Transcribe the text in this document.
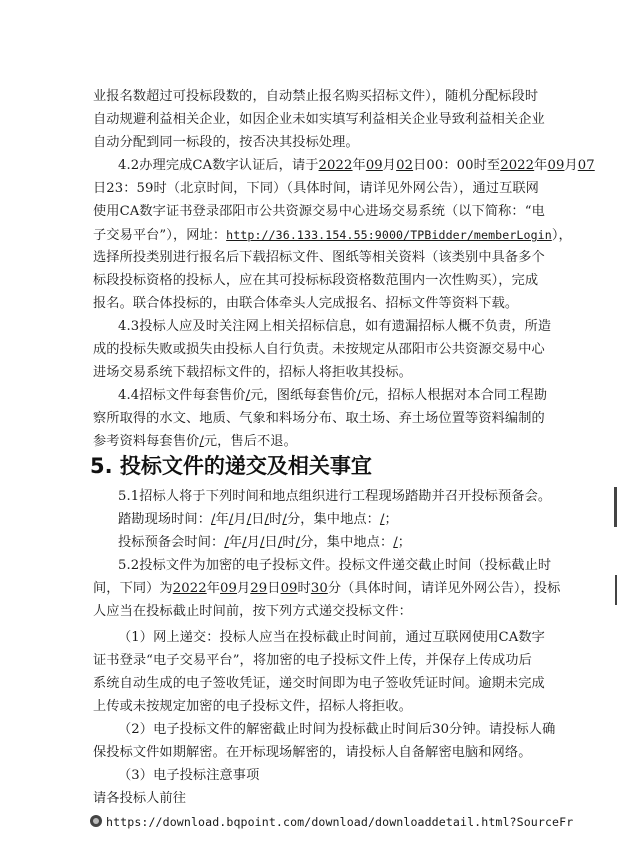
业报名数超过可投标段数的，自动禁止报名购买招标文件），随机分配标段时
自动规避利益相关企业，如因企业未如实填写利益相关企业导致利益相关企业
自动分配到同一标段的，按否决其投标处理。
4.2办理完成CA数字认证后，请于2022年09月02日00：00时至2022年09月07
日23：59时（北京时间，下同）（具体时间，请详见外网公告），通过互联网
使用CA数字证书登录邵阳市公共资源交易中心进场交易系统（以下简称：“电
子交易平台”），网址：http://36.133.154.55:9000/TPBidder/memberLogin），
选择所投类别进行报名后下载招标文件、图纸等相关资料（该类别中具备多个
标段投标资格的投标人，应在其可投标标段资格数范围内一次性购买），完成
报名。联合体投标的，由联合体牵头人完成报名、招标文件等资料下载。
4.3投标人应及时关注网上相关招标信息，如有遗漏招标人概不负责，所造
成的投标失败或损失由投标人自行负责。未按规定从邵阳市公共资源交易中心
进场交易系统下载招标文件的，招标人将拒收其投标。
4.4招标文件每套售价/元，图纸每套售价/元，招标人根据对本合同工程勘
察所取得的水文、地质、气象和料场分布、取土场、弃土场位置等资料编制的
5. 投标文件的递交及相关事宜
5.1招标人将于下列时间和地点组织进行工程现场踏勘并召开投标预备会。
踏勘现场时间：/年/月/日/时/分，集中地点：/；
投标预备会时间：/年/月/日/时/分，集中地点：/；
5.2投标文件为加密的电子投标文件。投标文件递交截止时间（投标截止时
间，下同）为2022年09月29日09时30分（具体时间，请详见外网公告），投标
人应当在投标截止时间前，按下列方式递交投标文件：
（1）网上递交：投标人应当在投标截止时间前，通过互联网使用CA数字
证书登录“电子交易平台”，将加密的电子投标文件上传，并保存上传成功后
系统自动生成的电子签收凭证，递交时间即为电子签收凭证时间。逾期未完成
上传或未按规定加密的电子投标文件，招标人将拒收。
（2）电子投标文件的解密截止时间为投标截止时间后30分钟。请投标人确
保投标文件如期解密。在开标现场解密的，请投标人自备解密电脑和网络。
（3）电子投标注意事项
请各投标人前往
https://download.bqpoint.com/download/downloaddetail.html?SourceFr
参考资料每套售价/元，售后不退。
